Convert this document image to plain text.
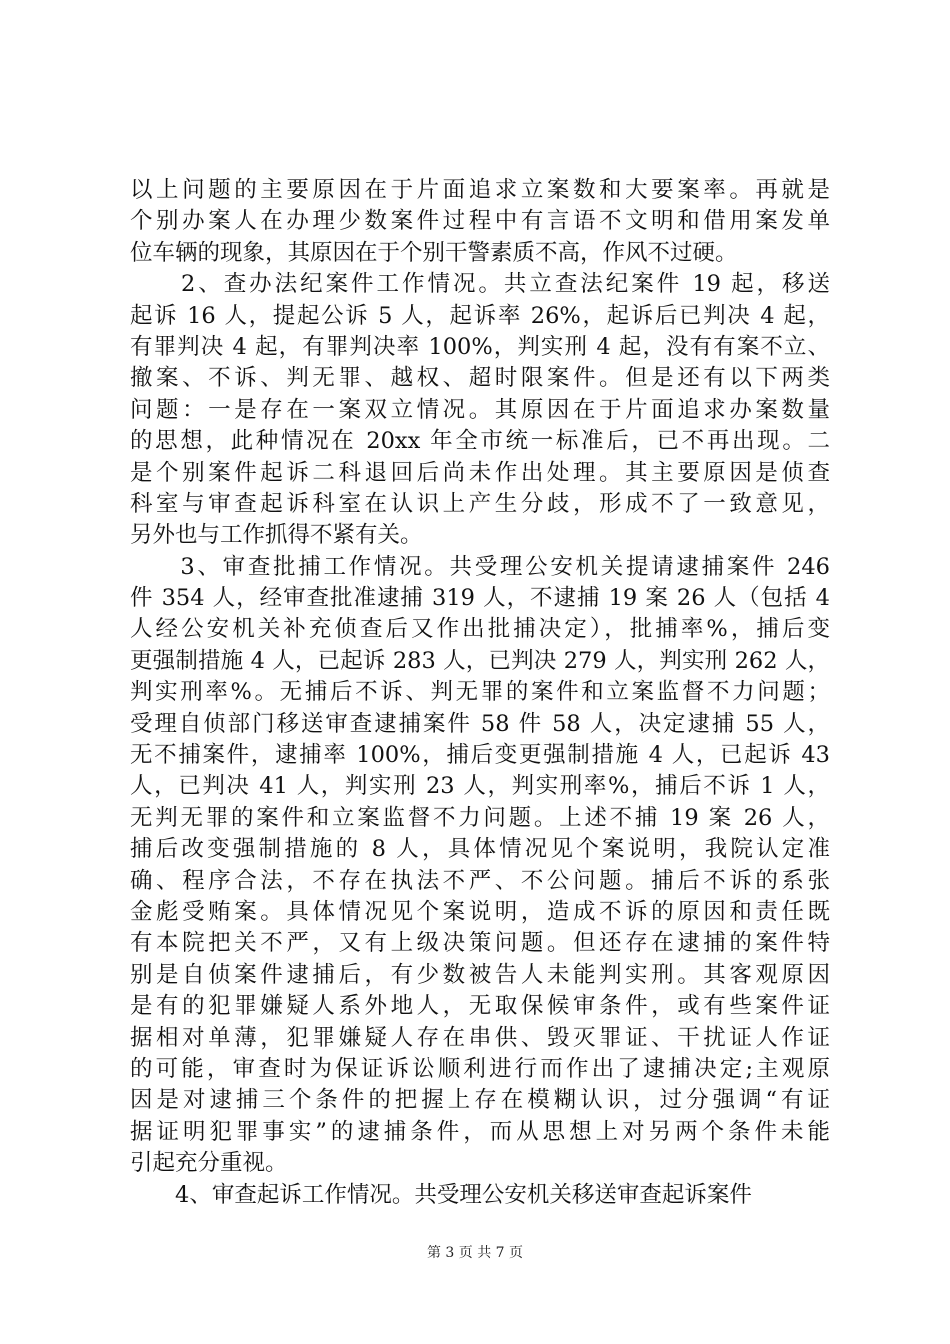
以上问题的主要原因在于片面追求立案数和大要案率。再就是
个别办案人在办理少数案件过程中有言语不文明和借用案发单
位车辆的现象，其原因在于个别干警素质不高，作风不过硬。
　　2、查办法纪案件工作情况。共立查法纪案件 19 起，移送
起诉 16 人，提起公诉 5 人，起诉率 26%，起诉后已判决 4 起，
有罪判决 4 起，有罪判决率 100%，判实刑 4 起，没有有案不立、
撤案、不诉、判无罪、越权、超时限案件。但是还有以下两类
问题：一是存在一案双立情况。其原因在于片面追求办案数量
的思想，此种情况在 20xx 年全市统一标准后，已不再出现。二
是个别案件起诉二科退回后尚未作出处理。其主要原因是侦查
科室与审查起诉科室在认识上产生分歧，形成不了一致意见，
另外也与工作抓得不紧有关。
　　3、审查批捕工作情况。共受理公安机关提请逮捕案件 246
件 354 人，经审查批准逮捕 319 人，不逮捕 19 案 26 人（包括 4
人经公安机关补充侦查后又作出批捕决定），批捕率%，捕后变
更强制措施 4 人，已起诉 283 人，已判决 279 人，判实刑 262 人，
判实刑率%。无捕后不诉、判无罪的案件和立案监督不力问题；
受理自侦部门移送审查逮捕案件 58 件 58 人，决定逮捕 55 人，
无不捕案件，逮捕率 100%，捕后变更强制措施 4 人，已起诉 43
人，已判决 41 人，判实刑 23 人，判实刑率%，捕后不诉 1 人，
无判无罪的案件和立案监督不力问题。上述不捕 19 案 26 人，
捕后改变强制措施的 8 人，具体情况见个案说明，我院认定准
确、程序合法，不存在执法不严、不公问题。捕后不诉的系张
金彪受贿案。具体情况见个案说明，造成不诉的原因和责任既
有本院把关不严，又有上级决策问题。但还存在逮捕的案件特
别是自侦案件逮捕后，有少数被告人未能判实刑。其客观原因
是有的犯罪嫌疑人系外地人，无取保候审条件，或有些案件证
据相对单薄，犯罪嫌疑人存在串供、毁灭罪证、干扰证人作证
的可能，审查时为保证诉讼顺利进行而作出了逮捕决定;主观原
因是对逮捕三个条件的把握上存在模糊认识，过分强调“有证
据证明犯罪事实”的逮捕条件，而从思想上对另两个条件未能
引起充分重视。
　　4、审查起诉工作情况。共受理公安机关移送审查起诉案件
第 3 页 共 7 页
